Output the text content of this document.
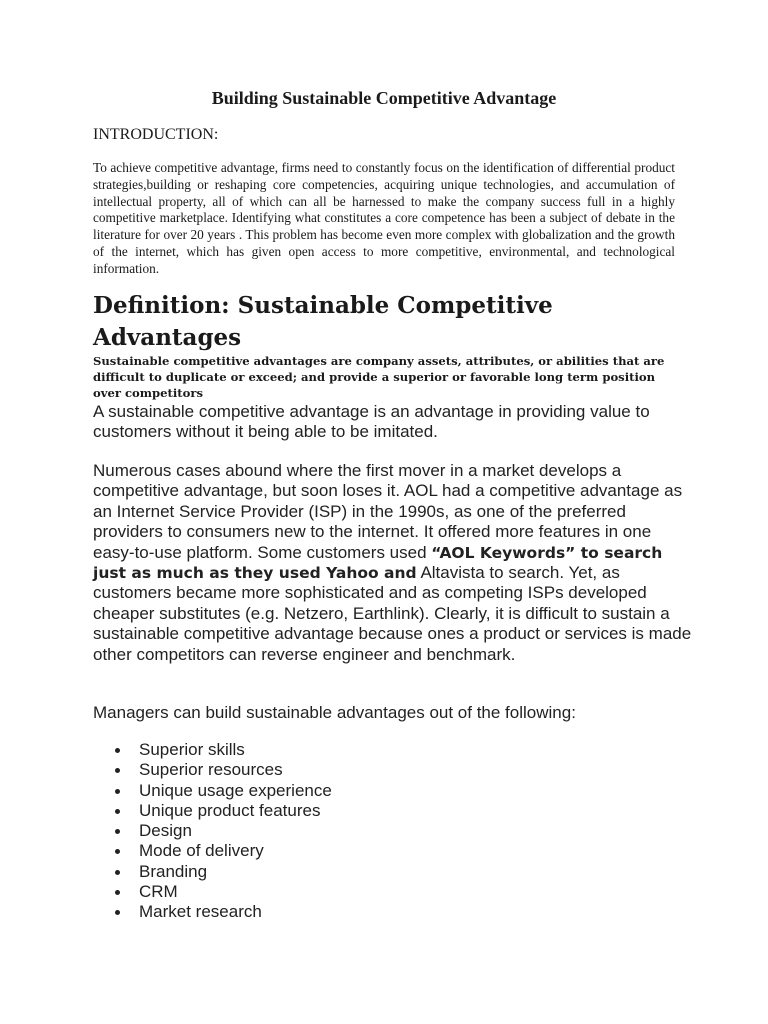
Building Sustainable Competitive Advantage

INTRODUCTION:

To achieve competitive advantage, firms need to constantly focus on the identification of differential product strategies,building or reshaping core competencies, acquiring unique technologies, and accumulation of intellectual property, all of which can all be harnessed to make the company success full in a highly competitive marketplace. Identifying what constitutes a core competence has been a subject of debate in the literature for over 20 years . This problem has become even more complex with globalization and the growth of the internet, which has given open access to more competitive, environmental, and technological information.

Definition: Sustainable Competitive Advantages

Sustainable competitive advantages are company assets, attributes, or abilities that are difficult to duplicate or exceed; and provide a superior or favorable long term position over competitors

A sustainable competitive advantage is an advantage in providing value to customers without it being able to be imitated.

Numerous cases abound where the first mover in a market develops a competitive advantage, but soon loses it. AOL had a competitive advantage as an Internet Service Provider (ISP) in the 1990s, as one of the preferred providers to consumers new to the internet. It offered more features in one easy-to-use platform. Some customers used “AOL Keywords” to search just as much as they used Yahoo and Altavista to search. Yet, as customers became more sophisticated and as competing ISPs developed cheaper substitutes (e.g. Netzero, Earthlink). Clearly, it is difficult to sustain a sustainable competitive advantage because ones a product or services is made other competitors can reverse engineer and benchmark.

Managers can build sustainable advantages out of the following:

Superior skills
Superior resources
Unique usage experience
Unique product features
Design
Mode of delivery
Branding
CRM
Market research
